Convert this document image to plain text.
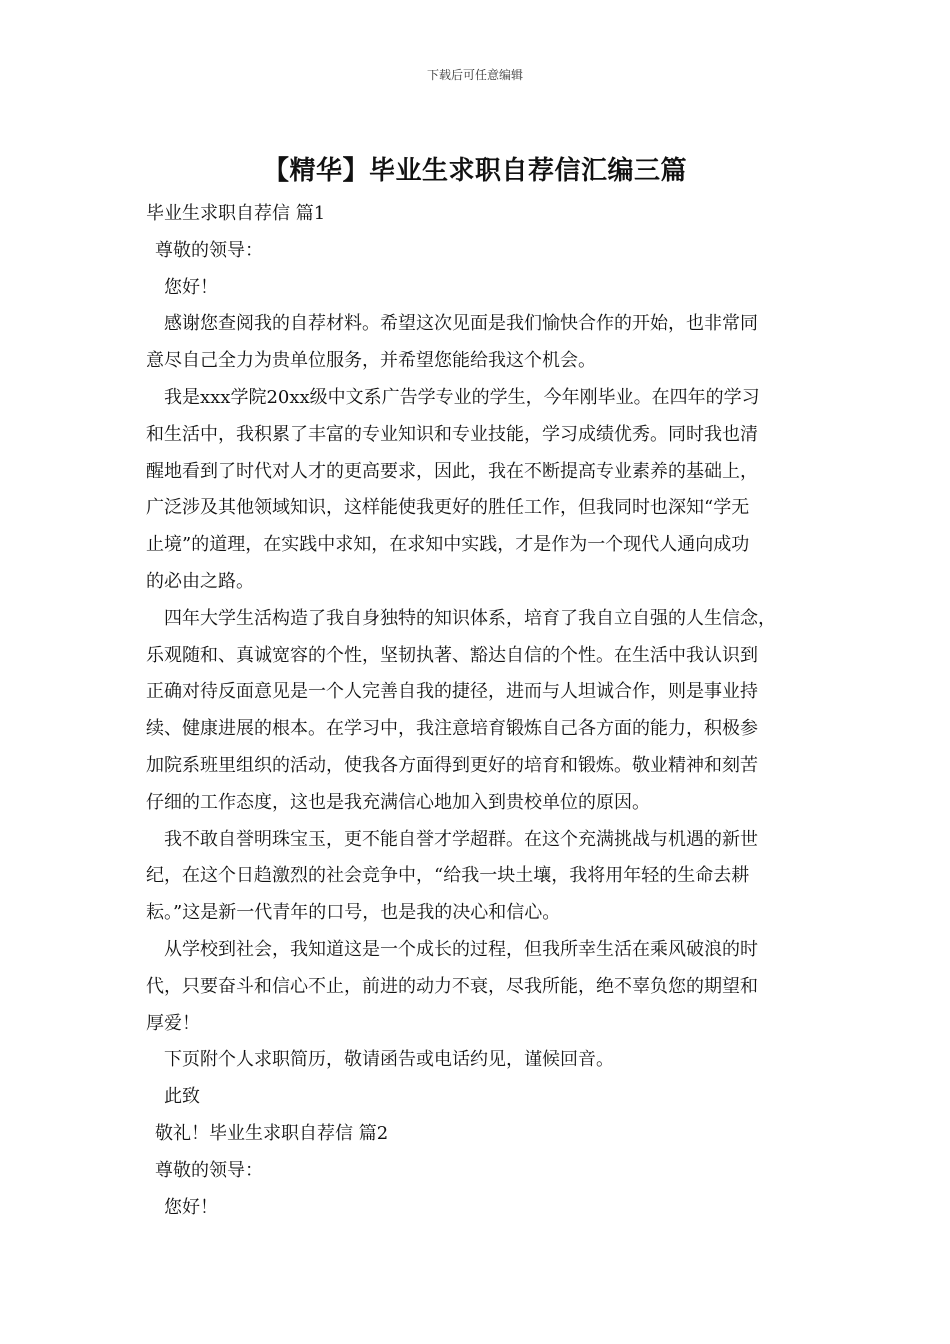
下载后可任意编辑
【精华】毕业生求职自荐信汇编三篇
毕业生求职自荐信 篇1
尊敬的领导：
您好！
感谢您查阅我的自荐材料。希望这次见面是我们愉快合作的开始，也非常同
意尽自己全力为贵单位服务，并希望您能给我这个机会。
我是xxx学院20xx级中文系广告学专业的学生，今年刚毕业。在四年的学习
和生活中，我积累了丰富的专业知识和专业技能，学习成绩优秀。同时我也清
醒地看到了时代对人才的更高要求，因此，我在不断提高专业素养的基础上，
广泛涉及其他领域知识，这样能使我更好的胜任工作，但我同时也深知“学无
止境”的道理，在实践中求知，在求知中实践，才是作为一个现代人通向成功
的必由之路。
四年大学生活构造了我自身独特的知识体系，培育了我自立自强的人生信念，
乐观随和、真诚宽容的个性，坚韧执著、豁达自信的个性。在生活中我认识到
正确对待反面意见是一个人完善自我的捷径，进而与人坦诚合作，则是事业持
续、健康进展的根本。在学习中，我注意培育锻炼自己各方面的能力，积极参
加院系班里组织的活动，使我各方面得到更好的培育和锻炼。敬业精神和刻苦
仔细的工作态度，这也是我充满信心地加入到贵校单位的原因。
我不敢自誉明珠宝玉，更不能自誉才学超群。在这个充满挑战与机遇的新世
纪，在这个日趋激烈的社会竞争中，“给我一块土壤，我将用年轻的生命去耕
耘。”这是新一代青年的口号，也是我的决心和信心。
从学校到社会，我知道这是一个成长的过程，但我所幸生活在乘风破浪的时
代，只要奋斗和信心不止，前进的动力不衰，尽我所能，绝不辜负您的期望和
厚爱！
下页附个人求职简历，敬请函告或电话约见，谨候回音。
此致
敬礼！毕业生求职自荐信 篇2
尊敬的领导：
您好！
